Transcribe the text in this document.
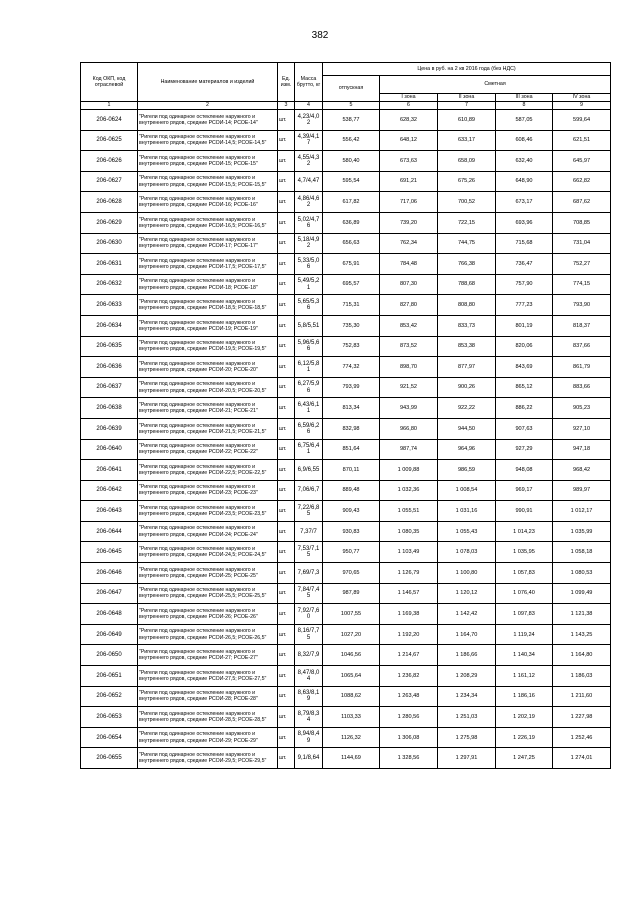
382
Код ОКП, код отраслевой	Наименование материалов и изделий	Ед. изм.	Масса брутто, кг	Цена в руб. на 2 кв 2016 года (без НДС)				
				отпускная	Сметная			
					I зона	II зона	III зона	IV зона
1	2	3	4	5	6	7	8	9
206-0624	"Ригели под одинарное остекление наружного и внутреннего рядов, средние РСОИ-14; РСОЕ-14"	шт.	4,23/4,0 2	538,77	628,32	610,89	587,05	599,64
206-0625	"Ригели под одинарное остекление наружного и внутреннего рядов, средние РСОИ-14,5; РСОЕ-14,5"	шт.	4,39/4,1 7	556,42	648,12	633,17	608,46	621,51
206-0626	"Ригели под одинарное остекление наружного и внутреннего рядов, средние РСОИ-15; РСОЕ-15"	шт.	4,55/4,3 2	580,40	673,63	658,09	632,40	645,97
206-0627	"Ригели под одинарное остекление наружного и внутреннего рядов, средние РСОИ-15,5; РСОЕ-15,5"	шт.	4,7/4,47	595,54	691,21	675,26	648,90	662,82
206-0628	"Ригели под одинарное остекление наружного и внутреннего рядов, средние РСОИ-16; РСОЕ-16"	шт.	4,86/4,6 2	617,82	717,06	700,52	673,17	687,62
206-0629	"Ригели под одинарное остекление наружного и внутреннего рядов, средние РСОИ-16,5; РСОЕ-16,5"	шт.	5,02/4,7 6	636,89	739,20	722,15	693,96	708,85
206-0630	"Ригели под одинарное остекление наружного и внутреннего рядов, средние РСОИ-17; РСОЕ-17"	шт.	5,18/4,9 2	656,63	762,34	744,75	715,68	731,04
206-0631	"Ригели под одинарное остекление наружного и внутреннего рядов, средние РСОИ-17,5; РСОЕ-17,5"	шт.	5,33/5,0 6	675,91	784,48	766,38	736,47	752,27
206-0632	"Ригели под одинарное остекление наружного и внутреннего рядов, средние РСОИ-18; РСОЕ-18"	шт.	5,49/5,2 1	695,57	807,30	788,68	757,90	774,15
206-0633	"Ригели под одинарное остекление наружного и внутреннего рядов, средние РСОИ-18,5; РСОЕ-18,5"	шт.	5,65/5,3 6	715,31	827,80	808,80	777,23	793,90
206-0634	"Ригели под одинарное остекление наружного и внутреннего рядов, средние РСОИ-19; РСОЕ-19"	шт.	5,8/5,51	735,30	853,42	833,73	801,19	818,37
206-0635	"Ригели под одинарное остекление наружного и внутреннего рядов, средние РСОИ-19,5; РСОЕ-19,5"	шт.	5,96/5,6 6	752,83	873,52	853,38	820,06	837,66
206-0636	"Ригели под одинарное остекление наружного и внутреннего рядов, средние РСОИ-20; РСОЕ-20"	шт.	6,12/5,8 1	774,32	898,70	877,97	843,69	861,79
206-0637	"Ригели под одинарное остекление наружного и внутреннего рядов, средние РСОИ-20,5; РСОЕ-20,5"	шт.	6,27/5,9 6	793,99	921,52	900,26	865,12	883,66
206-0638	"Ригели под одинарное остекление наружного и внутреннего рядов, средние РСОИ-21; РСОЕ-21"	шт.	6,43/6,1 1	813,34	943,99	922,22	886,22	905,23
206-0639	"Ригели под одинарное остекление наружного и внутреннего рядов, средние РСОИ-21,5; РСОЕ-21,5"	шт.	6,59/6,2 6	832,98	966,80	944,50	907,63	927,10
206-0640	"Ригели под одинарное остекление наружного и внутреннего рядов, средние РСОИ-22; РСОЕ-22"	шт.	6,75/6,4 1	851,64	987,74	964,96	927,29	947,18
206-0641	"Ригели под одинарное остекление наружного и внутреннего рядов, средние РСОИ-22,5; РСОЕ-22,5"	шт.	6,9/6,55	870,11	1 009,88	986,59	948,08	968,42
206-0642	"Ригели под одинарное остекление наружного и внутреннего рядов, средние РСОИ-23; РСОЕ-23"	шт.	7,06/6,7	889,48	1 032,36	1 008,54	969,17	989,97
206-0643	"Ригели под одинарное остекление наружного и внутреннего рядов, средние РСОИ-23,5; РСОЕ-23,5"	шт.	7,22/6,8 5	909,43	1 055,51	1 031,16	990,91	1 012,17
206-0644	"Ригели под одинарное остекление наружного и внутреннего рядов, средние РСОИ-24; РСОЕ-24"	шт.	7,37/7	930,83	1 080,35	1 055,43	1 014,23	1 035,99
206-0645	"Ригели под одинарное остекление наружного и внутреннего рядов, средние РСОИ-24,5; РСОЕ-24,5"	шт.	7,53/7,1 5	950,77	1 103,49	1 078,03	1 035,95	1 058,18
206-0646	"Ригели под одинарное остекление наружного и внутреннего рядов, средние РСОИ-25; РСОЕ-25"	шт.	7,69/7,3	970,65	1 126,79	1 100,80	1 057,83	1 080,53
206-0647	"Ригели под одинарное остекление наружного и внутреннего рядов, средние РСОИ-25,5; РСОЕ-25,5"	шт.	7,84/7,4 5	987,89	1 146,57	1 120,12	1 076,40	1 099,49
206-0648	"Ригели под одинарное остекление наружного и внутреннего рядов, средние РСОИ-26; РСОЕ-26"	шт.	7,92/7,6 0	1007,55	1 169,38	1 142,42	1 097,83	1 121,38
206-0649	"Ригели под одинарное остекление наружного и внутреннего рядов, средние РСОИ-26,5; РСОЕ-26,5"	шт.	8,16/7,7 5	1027,20	1 192,20	1 164,70	1 119,24	1 143,25
206-0650	"Ригели под одинарное остекление наружного и внутреннего рядов, средние РСОИ-27; РСОЕ-27"	шт.	8,32/7,9	1046,56	1 214,67	1 186,66	1 140,34	1 164,80
206-0651	"Ригели под одинарное остекление наружного и внутреннего рядов, средние РСОИ-27,5; РСОЕ-27,5"	шт.	8,47/8,0 4	1065,64	1 236,82	1 208,29	1 161,12	1 186,03
206-0652	"Ригели под одинарное остекление наружного и внутреннего рядов, средние РСОИ-28; РСОЕ-28"	шт.	8,63/8,1 9	1088,62	1 263,48	1 234,34	1 186,16	1 211,60
206-0653	"Ригели под одинарное остекление наружного и внутреннего рядов, средние РСОИ-28,5; РСОЕ-28,5"	шт.	8,79/8,3 4	1103,33	1 280,56	1 251,03	1 202,19	1 227,98
206-0654	"Ригели под одинарное остекление наружного и внутреннего рядов, средние РСОИ-29; РСОЕ-29"	шт.	8,94/8,4 9	1126,32	1 306,08	1 275,98	1 226,19	1 252,46
206-0655	"Ригели под одинарное остекление наружного и внутреннего рядов, средние РСОИ-29,5; РСОЕ-29,5"	шт.	9,1/8,64	1144,69	1 328,56	1 297,91	1 247,25	1 274,01
